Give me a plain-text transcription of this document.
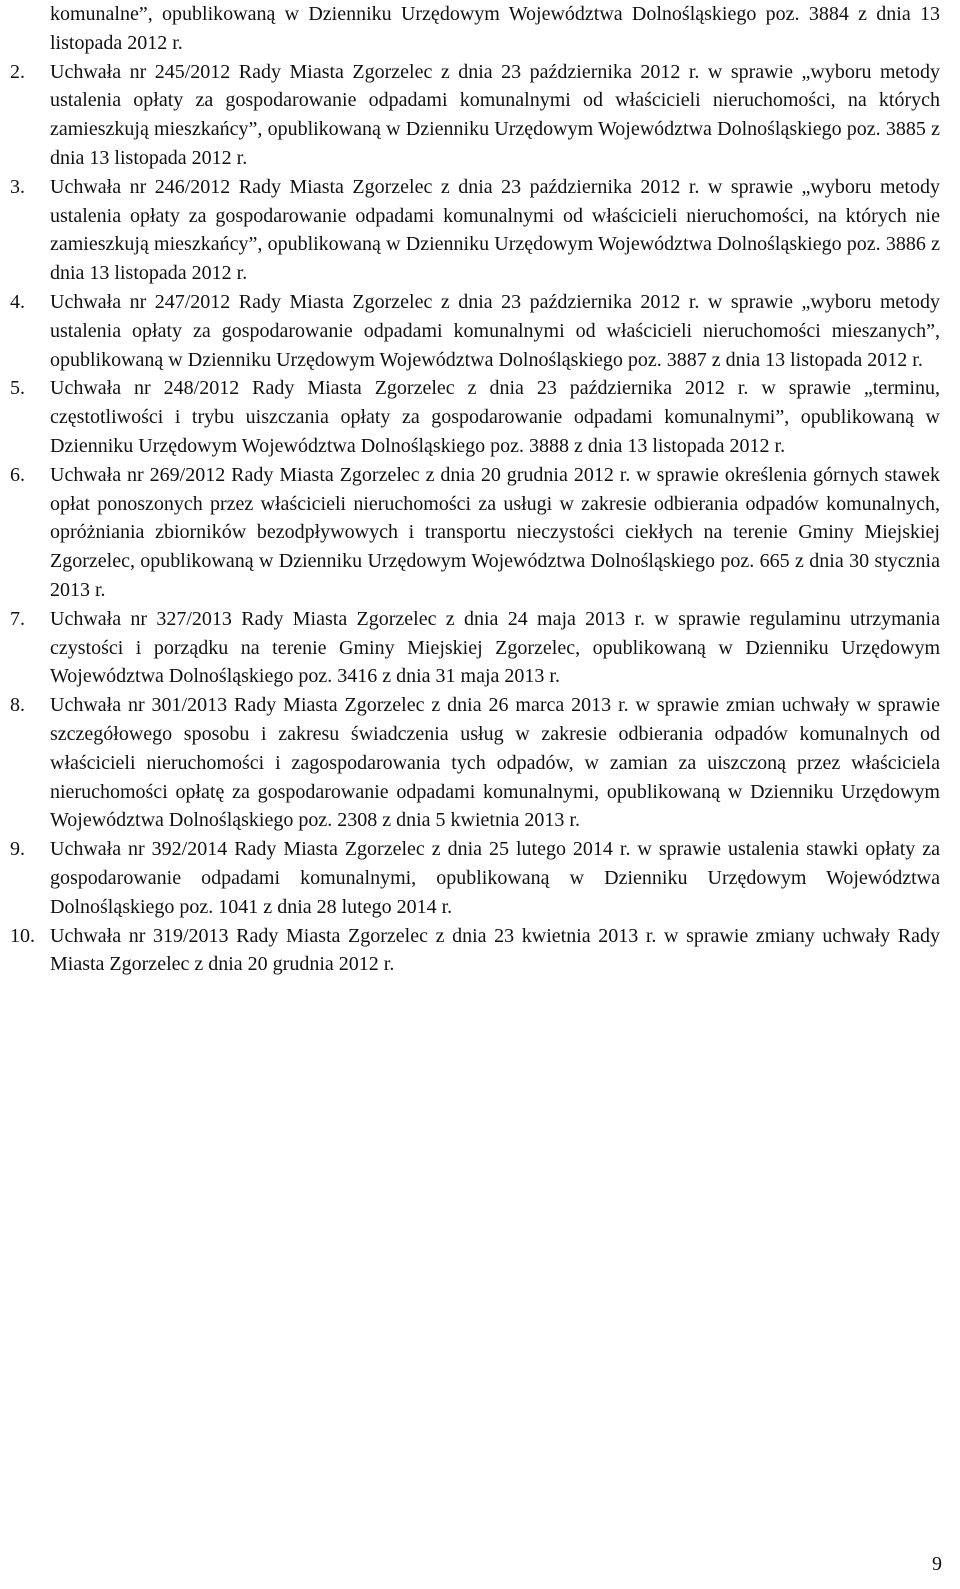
komunalne”, opublikowaną w Dzienniku Urzędowym Województwa Dolnośląskiego poz. 3884 z dnia 13 listopada 2012 r.
2.	Uchwała nr 245/2012 Rady Miasta Zgorzelec z dnia 23 października 2012 r. w sprawie „wyboru metody ustalenia opłaty za gospodarowanie odpadami komunalnymi od właścicieli nieruchomości, na których zamieszkują mieszkańcy”, opublikowaną w Dzienniku Urzędowym Województwa Dolnośląskiego poz. 3885 z dnia 13 listopada 2012 r.
3.	Uchwała nr 246/2012 Rady Miasta Zgorzelec z dnia 23 października 2012 r. w sprawie „wyboru metody ustalenia opłaty za gospodarowanie odpadami komunalnymi od właścicieli nieruchomości, na których nie zamieszkują mieszkańcy”, opublikowaną w Dzienniku Urzędowym Województwa Dolnośląskiego poz. 3886 z dnia 13 listopada 2012 r.
4.	Uchwała nr 247/2012 Rady Miasta Zgorzelec z dnia 23 października 2012 r. w sprawie „wyboru metody ustalenia opłaty za gospodarowanie odpadami komunalnymi od właścicieli nieruchomości mieszanych”, opublikowaną w Dzienniku Urzędowym Województwa Dolnośląskiego poz. 3887 z dnia 13 listopada 2012 r.
5.	Uchwała nr 248/2012 Rady Miasta Zgorzelec z dnia 23 października 2012 r. w sprawie „terminu, częstotliwości i trybu uiszczania opłaty za gospodarowanie odpadami komunalnymi”, opublikowaną w Dzienniku Urzędowym Województwa Dolnośląskiego poz. 3888 z dnia 13 listopada 2012 r.
6.	Uchwała nr 269/2012 Rady Miasta Zgorzelec z dnia 20 grudnia 2012 r. w sprawie określenia górnych stawek opłat ponoszonych przez właścicieli nieruchomości za usługi w zakresie odbierania odpadów komunalnych, opróżniania zbiorników bezodpływowych i transportu nieczystości ciekłych na terenie Gminy Miejskiej Zgorzelec, opublikowaną w Dzienniku Urzędowym Województwa Dolnośląskiego poz. 665 z dnia 30 stycznia 2013 r.
7.	Uchwała nr 327/2013 Rady Miasta Zgorzelec z dnia 24 maja 2013 r. w sprawie regulaminu utrzymania czystości i porządku na terenie Gminy Miejskiej Zgorzelec, opublikowaną w Dzienniku Urzędowym Województwa Dolnośląskiego poz. 3416 z dnia 31 maja 2013 r.
8.	Uchwała nr 301/2013 Rady Miasta Zgorzelec z dnia 26 marca 2013 r. w sprawie zmian uchwały w sprawie szczegółowego sposobu i zakresu świadczenia usług w zakresie odbierania odpadów komunalnych od właścicieli nieruchomości i zagospodarowania tych odpadów, w zamian za uiszczoną przez właściciela nieruchomości opłatę za gospodarowanie odpadami komunalnymi, opublikowaną w Dzienniku Urzędowym Województwa Dolnośląskiego poz. 2308 z dnia 5 kwietnia 2013 r.
9.	Uchwała nr 392/2014 Rady Miasta Zgorzelec z dnia 25 lutego 2014 r. w sprawie ustalenia stawki opłaty za gospodarowanie odpadami komunalnymi, opublikowaną w Dzienniku Urzędowym Województwa Dolnośląskiego poz. 1041 z dnia 28 lutego 2014 r.
10. Uchwała nr 319/2013 Rady Miasta Zgorzelec z dnia 23 kwietnia 2013 r. w sprawie zmiany uchwały Rady Miasta Zgorzelec z dnia 20 grudnia 2012 r.
9
